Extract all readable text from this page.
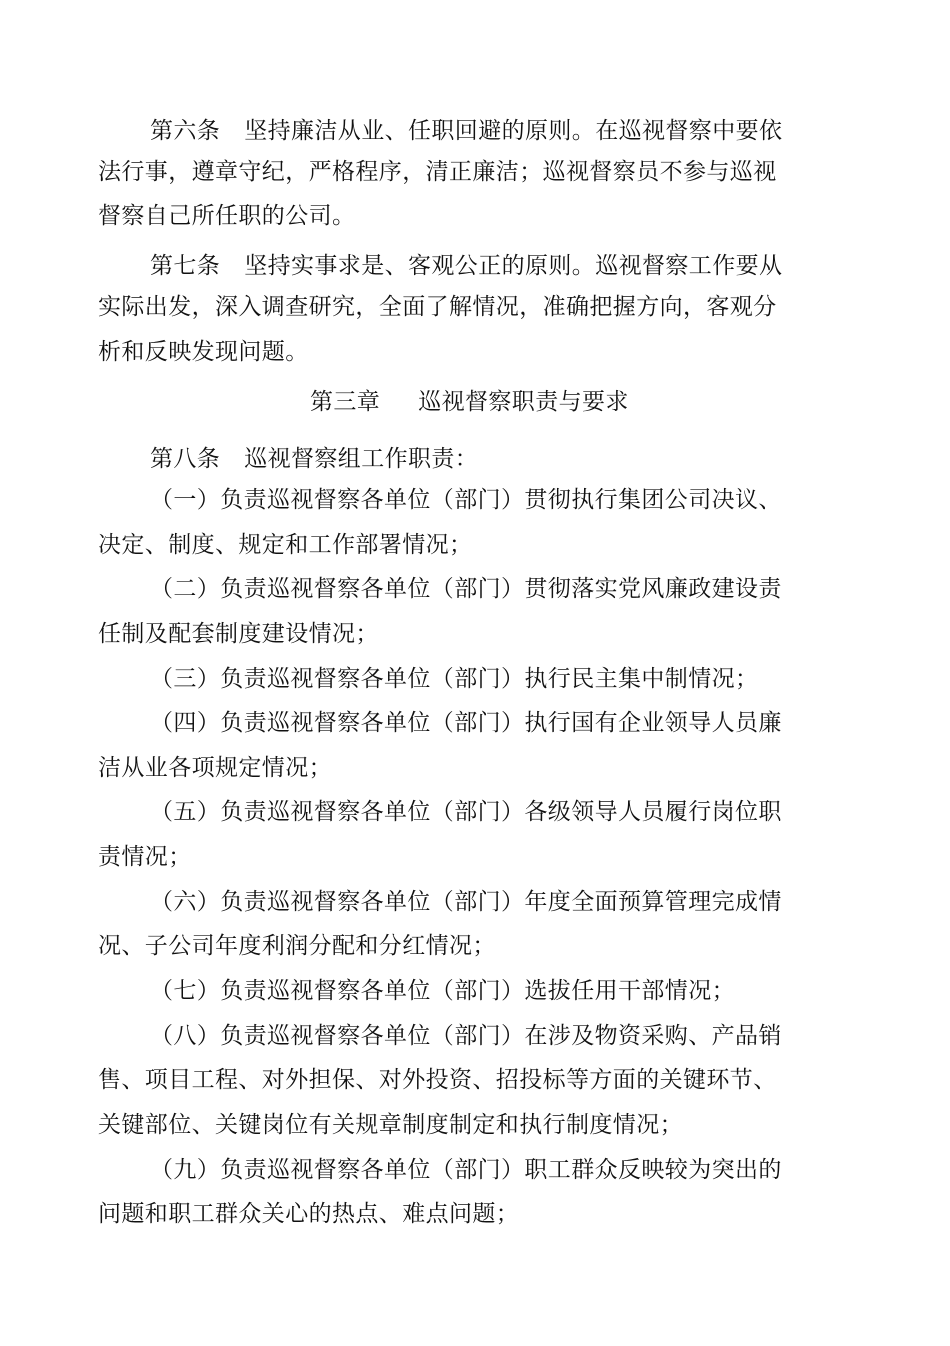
第六条 坚持廉洁从业、任职回避的原则。在巡视督察中要依
法行事，遵章守纪，严格程序，清正廉洁；巡视督察员不参与巡视
督察自己所任职的公司。
第七条 坚持实事求是、客观公正的原则。巡视督察工作要从
实际出发，深入调查研究，全面了解情况，准确把握方向，客观分
析和反映发现问题。
第三章 巡视督察职责与要求
第八条 巡视督察组工作职责：
（一）负责巡视督察各单位（部门）贯彻执行集团公司决议、
决定、制度、规定和工作部署情况；
（二）负责巡视督察各单位（部门）贯彻落实党风廉政建设责
任制及配套制度建设情况；
（三）负责巡视督察各单位（部门）执行民主集中制情况；
（四）负责巡视督察各单位（部门）执行国有企业领导人员廉
洁从业各项规定情况；
（五）负责巡视督察各单位（部门）各级领导人员履行岗位职
责情况；
（六）负责巡视督察各单位（部门）年度全面预算管理完成情
况、子公司年度利润分配和分红情况；
（七）负责巡视督察各单位（部门）选拔任用干部情况；
（八）负责巡视督察各单位（部门）在涉及物资采购、产品销
售、项目工程、对外担保、对外投资、招投标等方面的关键环节、
关键部位、关键岗位有关规章制度制定和执行制度情况；
（九）负责巡视督察各单位（部门）职工群众反映较为突出的
问题和职工群众关心的热点、难点问题；
